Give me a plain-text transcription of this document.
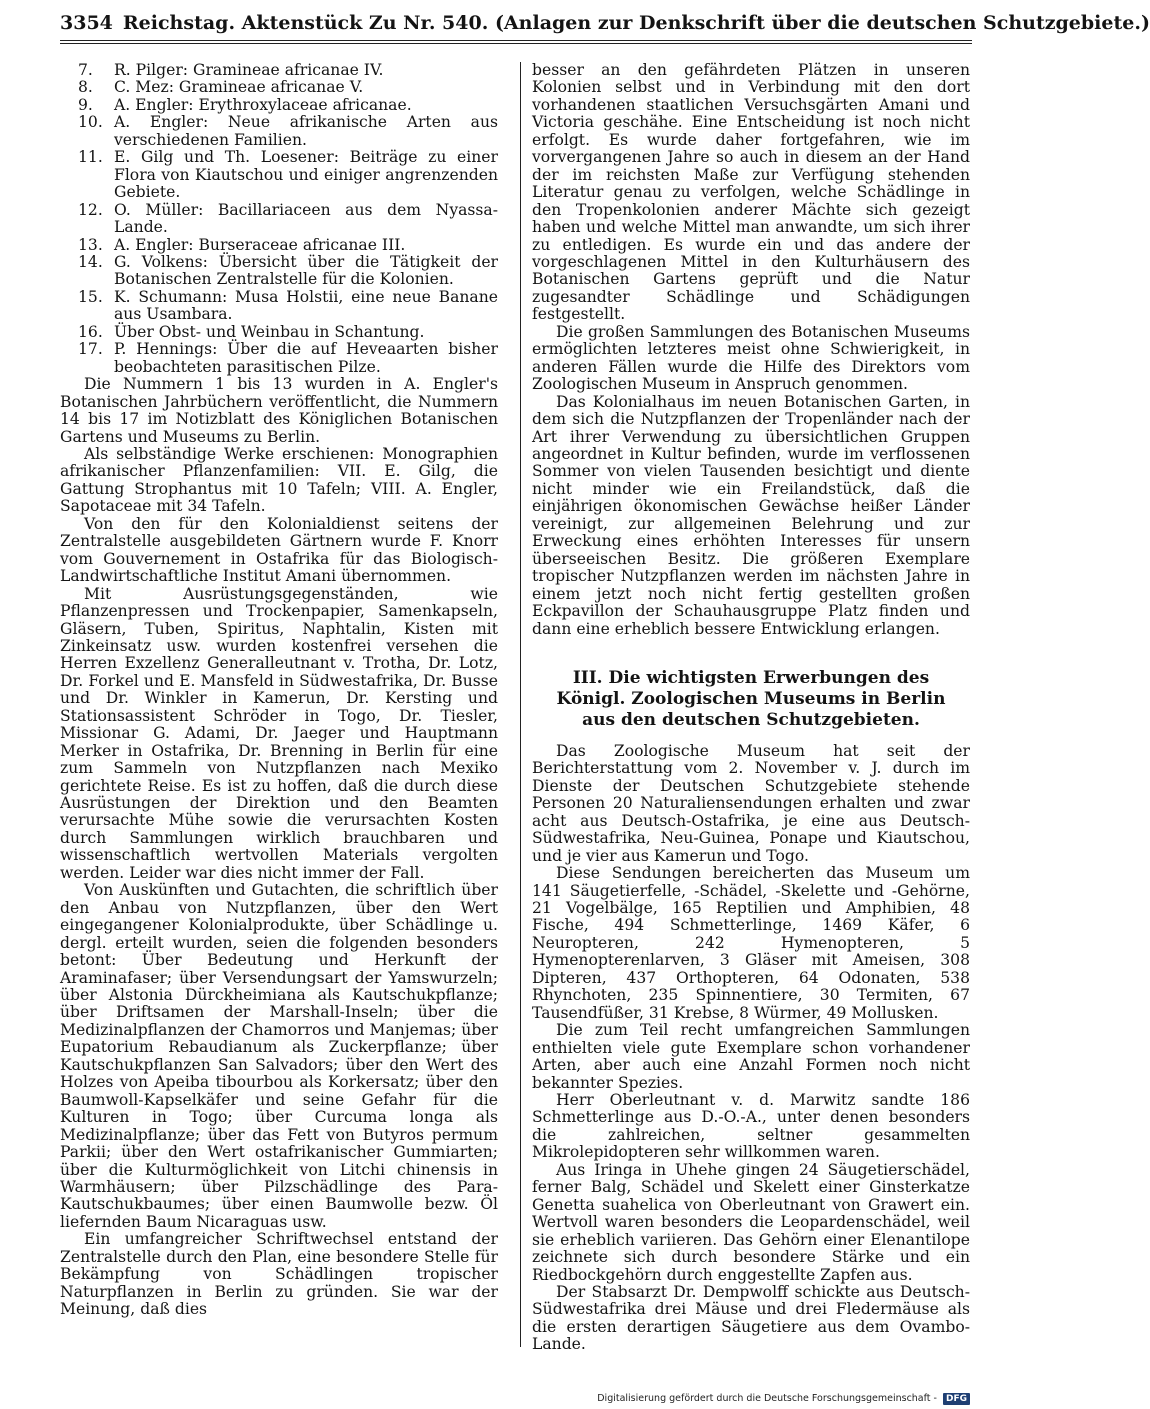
3354 Reichstag. Aktenstück Zu Nr. 540. (Anlagen zur Denkschrift über die deutschen Schutzgebiete.)
7.	R. Pilger: Gramineae africanae IV.
8.	C. Mez: Gramineae africanae V.
9.	A. Engler: Erythroxylaceae africanae.
10. A. Engler: Neue afrikanische Arten aus verschiedenen Familien.
11. E. Gilg und Th. Loesener: Beiträge zu einer Flora von Kiautschou und einiger angrenzenden Gebiete.
12. O. Müller: Bacillariaceen aus dem Nyassa-Lande.
13. A. Engler: Burseraceae africanae III.
14. G. Volkens: Übersicht über die Tätigkeit der Botanischen Zentralstelle für die Kolonien.
15. K. Schumann: Musa Holstii, eine neue Banane aus Usambara.
16. Über Obst- und Weinbau in Schantung.
17. P. Hennings: Über die auf Heveaarten bisher beobachteten parasitischen Pilze.

Die Nummern 1 bis 13 wurden in A. Engler's Botanischen Jahrbüchern veröffentlicht, die Nummern 14 bis 17 im Notizblatt des Königlichen Botanischen Gartens und Museums zu Berlin.

Als selbständige Werke erschienen: Monographien afrikanischer Pflanzenfamilien: VII. E. Gilg, die Gattung Strophantus mit 10 Tafeln; VIII. A. Engler, Sapotaceae mit 34 Tafeln.

Von den für den Kolonialdienst seitens der Zentralstelle ausgebildeten Gärtnern wurde F. Knorr vom Gouvernement in Ostafrika für das Biologisch-Landwirtschaftliche Institut Amani übernommen.

Mit Ausrüstungsgegenständen, wie Pflanzenpressen und Trockenpapier, Samenkapseln, Gläsern, Tuben, Spiritus, Naphtalin, Kisten mit Zinkeinsatz usw. wurden kostenfrei versehen die Herren Exzellenz Generalleutnant v. Trotha, Dr. Lotz, Dr. Forkel und E. Mansfeld in Südwestafrika, Dr. Busse und Dr. Winkler in Kamerun, Dr. Kersting und Stationsassistent Schröder in Togo, Dr. Tiesler, Missionar G. Adami, Dr. Jaeger und Hauptmann Merker in Ostafrika, Dr. Brenning in Berlin für eine zum Sammeln von Nutzpflanzen nach Mexiko gerichtete Reise. Es ist zu hoffen, daß die durch diese Ausrüstungen der Direktion und den Beamten verursachte Mühe sowie die verursachten Kosten durch Sammlungen wirklich brauchbaren und wissenschaftlich wertvollen Materials vergolten werden. Leider war dies nicht immer der Fall.

Von Auskünften und Gutachten, die schriftlich über den Anbau von Nutzpflanzen, über den Wert eingegangener Kolonialprodukte, über Schädlinge u. dergl. erteilt wurden, seien die folgenden besonders betont: Über Bedeutung und Herkunft der Araminafaser; über Versendungsart der Yamswurzeln; über Alstonia Dürckheimiana als Kautschukpflanze; über Driftsamen der Marshall-Inseln; über die Medizinalpflanzen der Chamorros und Manjemas; über Eupatorium Rebaudianum als Zuckerpflanze; über Kautschukpflanzen San Salvadors; über den Wert des Holzes von Apeiba tibourbou als Korkersatz; über den Baumwoll-Kapselkäfer und seine Gefahr für die Kulturen in Togo; über Curcuma longa als Medizinalpflanze; über das Fett von Butyros permum Parkii; über den Wert ostafrikanischer Gummiarten; über die Kulturmöglichkeit von Litchi chinensis in Warmhäusern; über Pilzschädlinge des Para-Kautschukbaumes; über einen Baumwolle bezw. Öl liefernden Baum Nicaraguas usw.

Ein umfangreicher Schriftwechsel entstand der Zentralstelle durch den Plan, eine besondere Stelle für Bekämpfung von Schädlingen tropischer Naturpflanzen in Berlin zu gründen. Sie war der Meinung, daß dies

besser an den gefährdeten Plätzen in unseren Kolonien selbst und in Verbindung mit den dort vorhandenen staatlichen Versuchsgärten Amani und Victoria geschähe. Eine Entscheidung ist noch nicht erfolgt. Es wurde daher fortgefahren, wie im vorvergangenen Jahre so auch in diesem an der Hand der im reichsten Maße zur Verfügung stehenden Literatur genau zu verfolgen, welche Schädlinge in den Tropenkolonien anderer Mächte sich gezeigt haben und welche Mittel man anwandte, um sich ihrer zu entledigen. Es wurde ein und das andere der vorgeschlagenen Mittel in den Kulturhäusern des Botanischen Gartens geprüft und die Natur zugesandter Schädlinge und Schädigungen festgestellt.

Die großen Sammlungen des Botanischen Museums ermöglichten letzteres meist ohne Schwierigkeit, in anderen Fällen wurde die Hilfe des Direktors vom Zoologischen Museum in Anspruch genommen.

Das Kolonialhaus im neuen Botanischen Garten, in dem sich die Nutzpflanzen der Tropenländer nach der Art ihrer Verwendung zu übersichtlichen Gruppen angeordnet in Kultur befinden, wurde im verflossenen Sommer von vielen Tausenden besichtigt und diente nicht minder wie ein Freilandstück, daß die einjährigen ökonomischen Gewächse heißer Länder vereinigt, zur allgemeinen Belehrung und zur Erweckung eines erhöhten Interesses für unsern überseeischen Besitz. Die größeren Exemplare tropischer Nutzpflanzen werden im nächsten Jahre in einem jetzt noch nicht fertig gestellten großen Eckpavillon der Schauhausgruppe Platz finden und dann eine erheblich bessere Entwicklung erlangen.

III. Die wichtigsten Erwerbungen des Königl. Zoologischen Museums in Berlin aus den deutschen Schutzgebieten.

Das Zoologische Museum hat seit der Berichterstattung vom 2. November v. J. durch im Dienste der Deutschen Schutzgebiete stehende Personen 20 Naturaliensendungen erhalten und zwar acht aus Deutsch-Ostafrika, je eine aus Deutsch-Südwestafrika, Neu-Guinea, Ponape und Kiautschou, und je vier aus Kamerun und Togo.

Diese Sendungen bereicherten das Museum um 141 Säugetierfelle, -Schädel, -Skelette und -Gehörne, 21 Vogelbälge, 165 Reptilien und Amphibien, 48 Fische, 494 Schmetterlinge, 1469 Käfer, 6 Neuropteren, 242 Hymenopteren, 5 Hymenopterenlarven, 3 Gläser mit Ameisen, 308 Dipteren, 437 Orthopteren, 64 Odonaten, 538 Rhynchoten, 235 Spinnentiere, 30 Termiten, 67 Tausendfüßer, 31 Krebse, 8 Würmer, 49 Mollusken.

Die zum Teil recht umfangreichen Sammlungen enthielten viele gute Exemplare schon vorhandener Arten, aber auch eine Anzahl Formen noch nicht bekannter Spezies.

Herr Oberleutnant v. d. Marwitz sandte 186 Schmetterlinge aus D.-O.-A., unter denen besonders die zahlreichen, seltner gesammelten Mikrolepidopteren sehr willkommen waren.

Aus Iringa in Uhehe gingen 24 Säugetierschädel, ferner Balg, Schädel und Skelett einer Ginsterkatze Genetta suahelica von Oberleutnant von Grawert ein. Wertvoll waren besonders die Leopardenschädel, weil sie erheblich variieren. Das Gehörn einer Elenantilope zeichnete sich durch besondere Stärke und ein Riedbockgehörn durch enggestellte Zapfen aus.

Der Stabsarzt Dr. Dempwolff schickte aus Deutsch-Südwestafrika drei Mäuse und drei Fledermäuse als die ersten derartigen Säugetiere aus dem Ovambo-Lande.

Digitalisierung gefördert durch die Deutsche Forschungsgemeinschaft -	DFG
